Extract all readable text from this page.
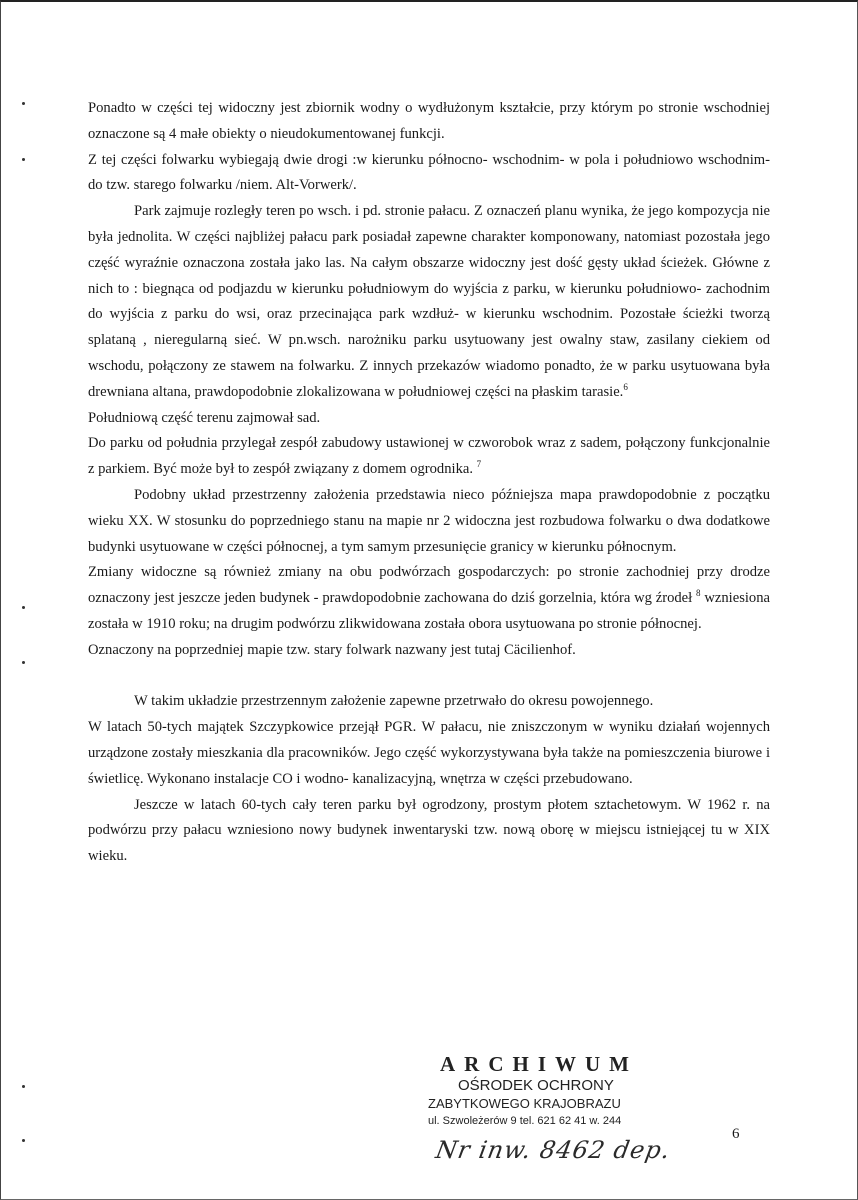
Ponadto w części tej widoczny jest zbiornik wodny o wydłużonym kształcie, przy którym po stronie wschodniej oznaczone są 4 małe obiekty o nieudokumentowanej funkcji.

Z tej części folwarku wybiegają dwie drogi :w kierunku północno- wschodnim- w pola i południowo wschodnim- do tzw. starego folwarku /niem. Alt-Vorwerk/.

Park zajmuje rozległy teren po wsch. i pd. stronie pałacu. Z oznaczeń planu wynika, że jego kompozycja nie była jednolita. W części najbliżej pałacu park posiadał zapewne charakter komponowany, natomiast pozostała jego część wyraźnie oznaczona została jako las. Na całym obszarze widoczny jest dość gęsty układ ścieżek. Główne z nich to : biegnąca od podjazdu w kierunku południowym do wyjścia z parku, w kierunku południowo- zachodnim do wyjścia z parku do wsi, oraz przecinająca park wzdłuż- w kierunku wschodnim. Pozostałe ścieżki tworzą splataną , nieregularną sieć. W pn.wsch. narożniku parku usytuowany jest owalny staw, zasilany ciekiem od wschodu, połączony ze stawem na folwarku. Z innych przekazów wiadomo ponadto, że w parku usytuowana była drewniana altana, prawdopodobnie zlokalizowana w południowej części na płaskim tarasie.$^6$

Południową część terenu zajmował sad.

Do parku od południa przylegał zespół zabudowy ustawionej w czworobok wraz z sadem, połączony funkcjonalnie z parkiem. Być może był to zespół związany z domem ogrodnika. $^7$

Podobny układ przestrzenny założenia przedstawia nieco późniejsza mapa prawdopodobnie z początku wieku XX. W stosunku do poprzedniego stanu na mapie nr 2 widoczna jest rozbudowa folwarku o dwa dodatkowe budynki usytuowane w części północnej, a tym samym przesunięcie granicy w kierunku północnym.

Zmiany widoczne są również zmiany na obu podwórzach gospodarczych: po stronie zachodniej przy drodze oznaczony jest jeszcze jeden budynek - prawdopodobnie zachowana do dziś gorzelnia, która wg źrodeł $^8$ wzniesiona została w 1910 roku; na drugim podwórzu zlikwidowana została obora usytuowana po stronie północnej.

Oznaczony na poprzedniej mapie tzw. stary folwark nazwany jest tutaj Cäcilienhof.

W takim układzie przestrzennym założenie zapewne przetrwało do okresu powojennego.

W latach 50-tych majątek Szczypkowice przejął PGR. W pałacu, nie zniszczonym w wyniku działań wojennych urządzone zostały mieszkania dla pracowników. Jego część wykorzystywana była także na pomieszczenia biurowe i świetlicę. Wykonano instalacje CO i wodno- kanalizacyjną, wnętrza w części przebudowano.

Jeszcze w latach 60-tych cały teren parku był ogrodzony, prostym płotem sztachetowym. W 1962 r. na podwórzu przy pałacu wzniesiono nowy budynek inwentaryski tzw. nową oborę w miejscu istniejącej tu w XIX wieku.

ARCHIWUM
OŚRODEK OCHRONY
ZABYTKOWEGO KRAJOBRAZU
ul. Szwoleżerów 9 tel. 621 62 41 w. 244
Nr inw. 8462 dep.
6
